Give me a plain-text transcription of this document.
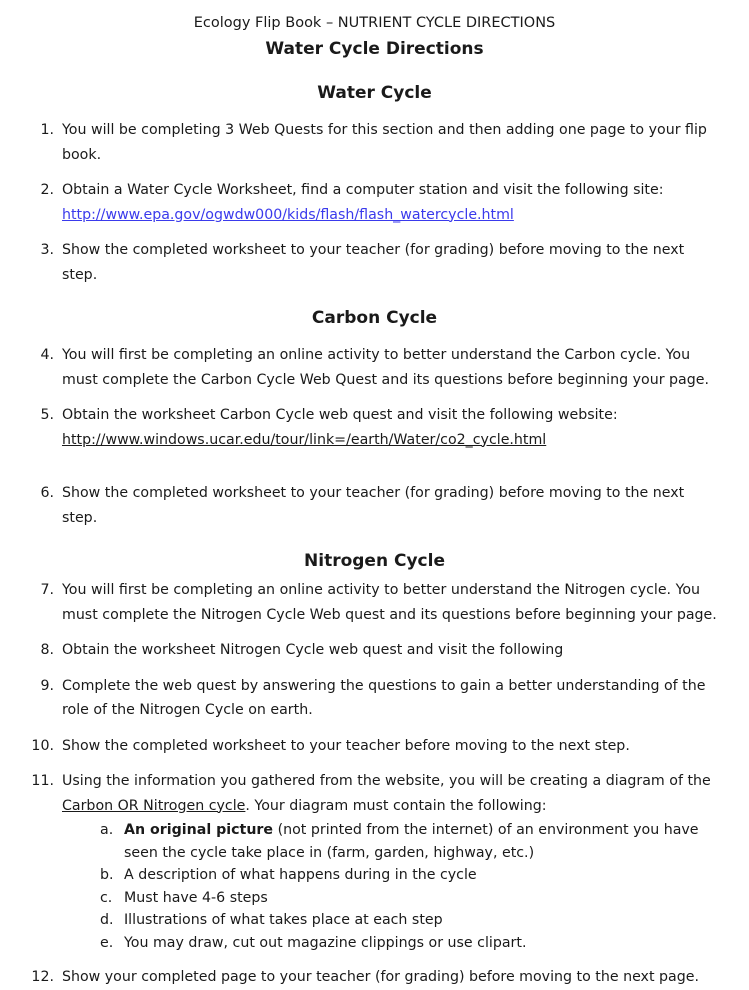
Ecology Flip Book – NUTRIENT CYCLE DIRECTIONS
Water Cycle Directions
Water Cycle
1. You will be completing 3 Web Quests for this section and then adding one page to your flip book.
2. Obtain a Water Cycle Worksheet, find a computer station and visit the following site:
http://www.epa.gov/ogwdw000/kids/flash/flash_watercycle.html
3. Show the completed worksheet to your teacher (for grading) before moving to the next step.
Carbon Cycle
4. You will first be completing an online activity to better understand the Carbon cycle. You must complete the Carbon Cycle Web Quest and its questions before beginning your page.
5. Obtain the worksheet Carbon Cycle web quest and visit the following website:
http://www.windows.ucar.edu/tour/link=/earth/Water/co2_cycle.html
6. Show the completed worksheet to your teacher (for grading) before moving to the next step.
Nitrogen Cycle
7. You will first be completing an online activity to better understand the Nitrogen cycle. You must complete the Nitrogen Cycle Web quest and its questions before beginning your page.
8. Obtain the worksheet Nitrogen Cycle web quest and visit the following
9. Complete the web quest by answering the questions to gain a better understanding of the role of the Nitrogen Cycle on earth.
10. Show the completed worksheet to your teacher before moving to the next step.
11. Using the information you gathered from the website, you will be creating a diagram of the Carbon OR Nitrogen cycle. Your diagram must contain the following:
a. An original picture (not printed from the internet) of an environment you have seen the cycle take place in (farm, garden, highway, etc.)
b. A description of what happens during in the cycle
c. Must have 4-6 steps
d. Illustrations of what takes place at each step
e. You may draw, cut out magazine clippings or use clipart.
12. Show your completed page to your teacher (for grading) before moving to the next page.
